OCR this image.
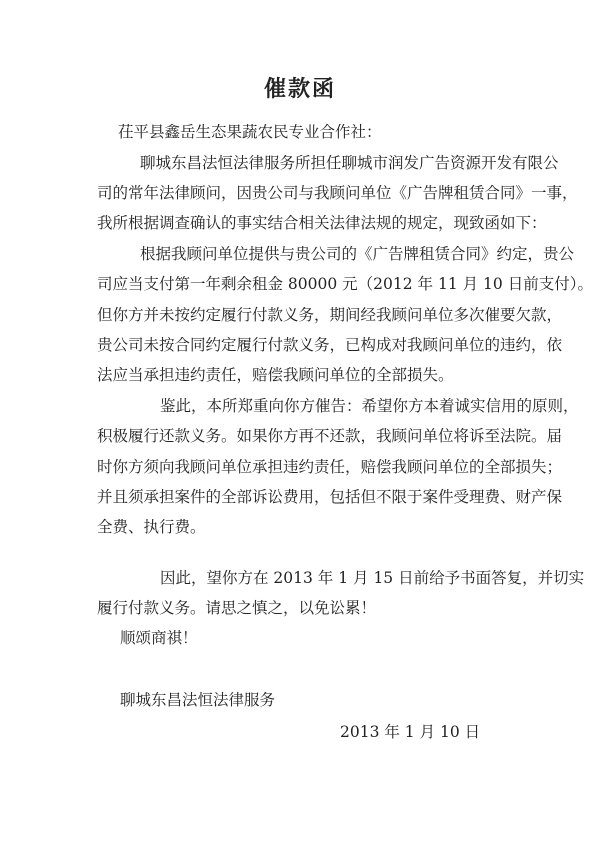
催款函
茌平县鑫岳生态果蔬农民专业合作社：
聊城东昌法恒法律服务所担任聊城市润发广告资源开发有限公
司的常年法律顾问，因贵公司与我顾问单位《广告牌租赁合同》一事，
我所根据调查确认的事实结合相关法律法规的规定，现致函如下：
根据我顾问单位提供与贵公司的《广告牌租赁合同》约定，贵公
司应当支付第一年剩余租金 80000 元（2012 年 11 月 10 日前支付）。
但你方并未按约定履行付款义务，期间经我顾问单位多次催要欠款，
贵公司未按合同约定履行付款义务，已构成对我顾问单位的违约，依
法应当承担违约责任，赔偿我顾问单位的全部损失。
鉴此，本所郑重向你方催告：希望你方本着诚实信用的原则，
积极履行还款义务。如果你方再不还款，我顾问单位将诉至法院。届
时你方须向我顾问单位承担违约责任，赔偿我顾问单位的全部损失；
并且须承担案件的全部诉讼费用，包括但不限于案件受理费、财产保
全费、执行费。
因此，望你方在 2013 年 1 月 15 日前给予书面答复，并切实
履行付款义务。请思之慎之，以免讼累！
顺颂商祺！
聊城东昌法恒法律服务
2013 年 1 月 10 日
